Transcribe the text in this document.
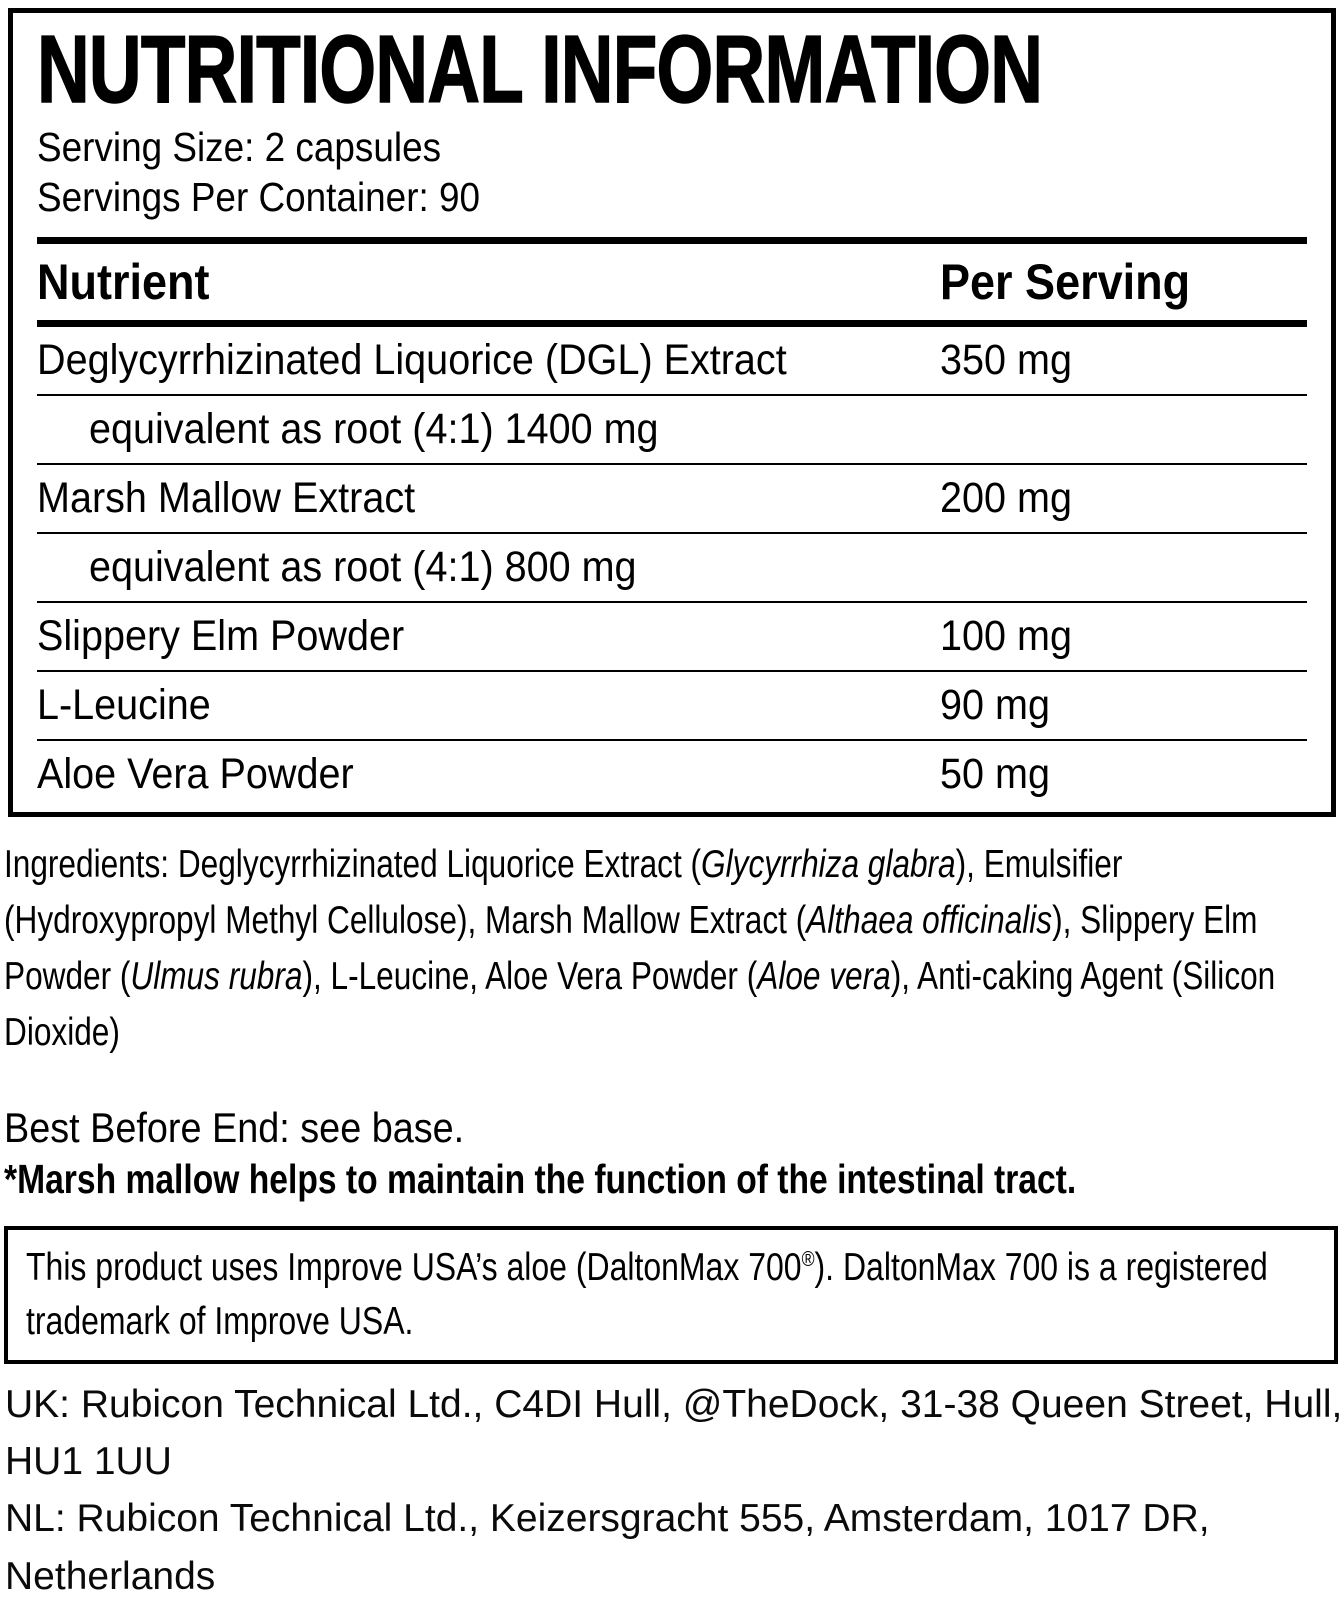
NUTRITIONAL INFORMATION
Serving Size: 2 capsules
Servings Per Container: 90
Nutrient	Per Serving
Deglycyrrhizinated Liquorice (DGL) Extract	350 mg
equivalent as root (4:1) 1400 mg
Marsh Mallow Extract	200 mg
equivalent as root (4:1) 800 mg
Slippery Elm Powder	100 mg
L-Leucine	90 mg
Aloe Vera Powder	50 mg

Ingredients: Deglycyrrhizinated Liquorice Extract (Glycyrrhiza glabra), Emulsifier (Hydroxypropyl Methyl Cellulose), Marsh Mallow Extract (Althaea officinalis), Slippery Elm Powder (Ulmus rubra), L-Leucine, Aloe Vera Powder (Aloe vera), Anti-caking Agent (Silicon Dioxide)

Best Before End: see base.

*Marsh mallow helps to maintain the function of the intestinal tract.

This product uses Improve USA’s aloe (DaltonMax 700®). DaltonMax 700 is a registered trademark of Improve USA.

UK: Rubicon Technical Ltd., C4DI Hull, @TheDock, 31-38 Queen Street, Hull, HU1 1UU

NL: Rubicon Technical Ltd., Keizersgracht 555, Amsterdam, 1017 DR, Netherlands
